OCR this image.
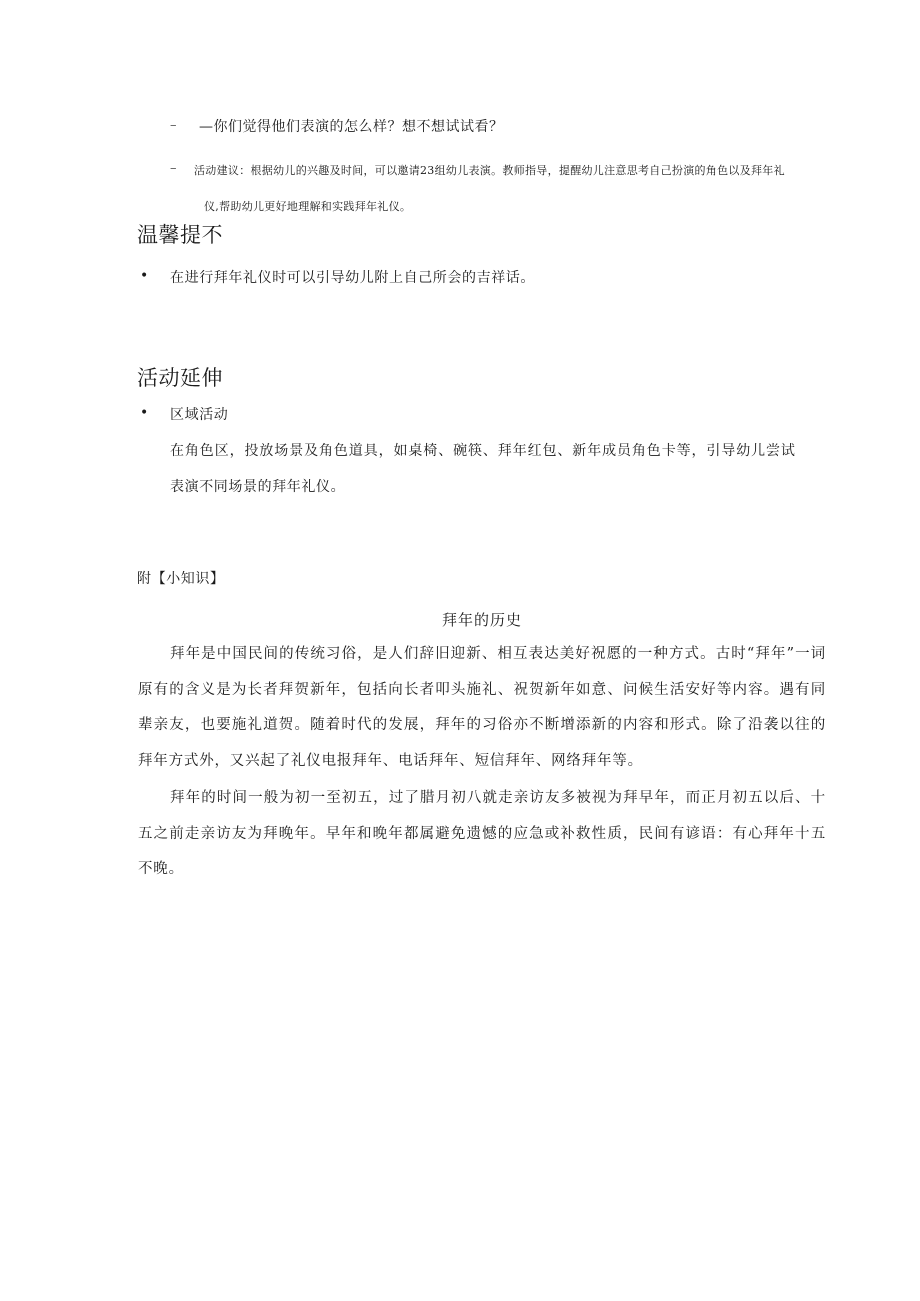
– —你们觉得他们表演的怎么样？想不想试试看？
– 活动建议：根据幼儿的兴趣及时间，可以邀请23组幼儿表演。教师指导，提醒幼儿注意思考自己扮演的角色以及拜年礼
仪,帮助幼儿更好地理解和实践拜年礼仪。
温馨提不
• 在进行拜年礼仪时可以引导幼儿附上自己所会的吉祥话。
活动延伸
• 区域活动
在角色区，投放场景及角色道具，如桌椅、碗筷、拜年红包、新年成员角色卡等，引导幼儿尝试
表演不同场景的拜年礼仪。
附【小知识】
拜年的历史
拜年是中国民间的传统习俗，是人们辞旧迎新、相互表达美好祝愿的一种方式。古时“拜年”一词原有的含义是为长者拜贺新年，包括向长者叩头施礼、祝贺新年如意、问候生活安好等内容。遇有同辈亲友，也要施礼道贺。随着时代的发展，拜年的习俗亦不断增添新的内容和形式。除了沿袭以往的拜年方式外，又兴起了礼仪电报拜年、电话拜年、短信拜年、网络拜年等。
拜年的时间一般为初一至初五，过了腊月初八就走亲访友多被视为拜早年，而正月初五以后、十五之前走亲访友为拜晚年。早年和晚年都属避免遗憾的应急或补救性质，民间有谚语：有心拜年十五不晚。
